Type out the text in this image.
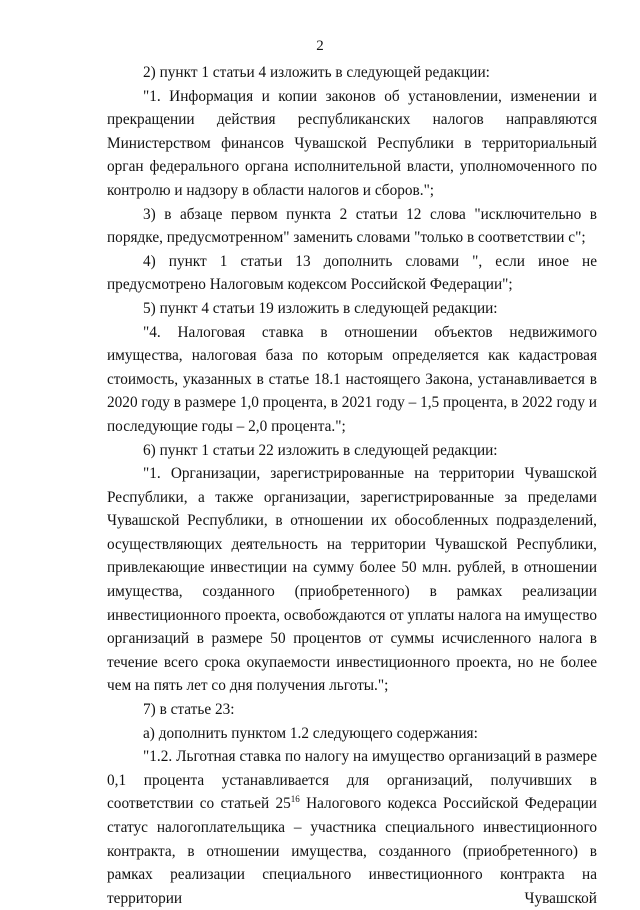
2

2) пункт 1 статьи 4 изложить в следующей редакции:

"1. Информация и копии законов об установлении, изменении и прекращении действия республиканских налогов направляются Министерством финансов Чувашской Республики в территориальный орган федерального органа исполнительной власти, уполномоченного по контролю и надзору в области налогов и сборов.";

3) в абзаце первом пункта 2 статьи 12 слова "исключительно в порядке, предусмотренном" заменить словами "только в соответствии с";

4) пункт 1 статьи 13 дополнить словами ", если иное не предусмотрено Налоговым кодексом Российской Федерации";

5) пункт 4 статьи 19 изложить в следующей редакции:

"4. Налоговая ставка в отношении объектов недвижимого имущества, налоговая база по которым определяется как кадастровая стоимость, указанных в статье 18.1 настоящего Закона, устанавливается в 2020 году в размере 1,0 процента, в 2021 году – 1,5 процента, в 2022 году и последующие годы – 2,0 процента.";

6) пункт 1 статьи 22 изложить в следующей редакции:

"1. Организации, зарегистрированные на территории Чувашской Республики, а также организации, зарегистрированные за пределами Чувашской Республики, в отношении их обособленных подразделений, осуществляющих деятельность на территории Чувашской Республики, привлекающие инвестиции на сумму более 50 млн. рублей, в отношении имущества, созданного (приобретенного) в рамках реализации инвестиционного проекта, освобождаются от уплаты налога на имущество организаций в размере 50 процентов от суммы исчисленного налога в течение всего срока окупаемости инвестиционного проекта, но не более чем на пять лет со дня получения льготы.";

7) в статье 23:

а) дополнить пунктом 1.2 следующего содержания:

"1.2. Льготная ставка по налогу на имущество организаций в размере 0,1 процента устанавливается для организаций, получивших в соответствии со статьей $25^{16}$ Налогового кодекса Российской Федерации статус налогоплательщика – участника специального инвестиционного контракта, в отношении имущества, созданного (приобретенного) в рамках реализации специального инвестиционного контракта на территории Чувашской
